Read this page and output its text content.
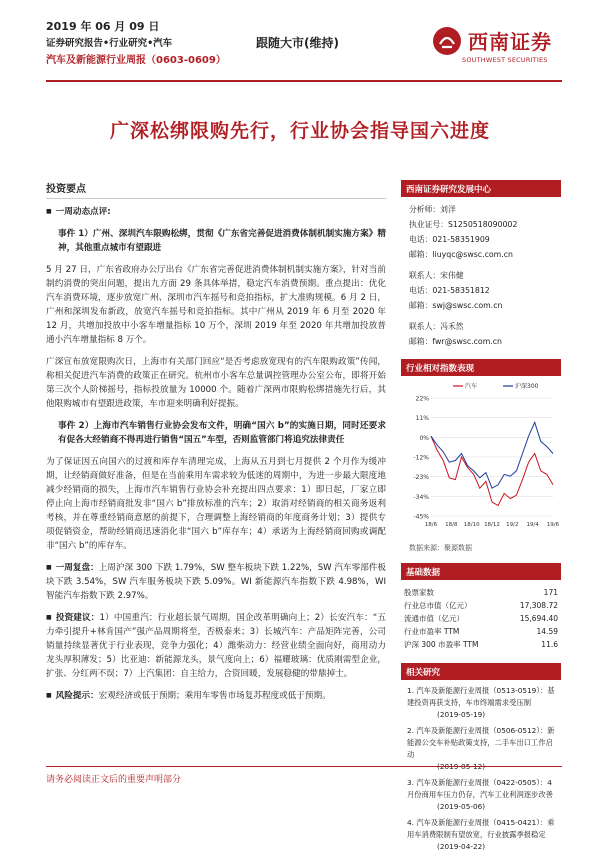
2019 年 06 月 09 日
证券研究报告•行业研究•汽车
汽车及新能源行业周报（0603-0609）
跟随大市(维持)	西南证券
SOUTHWEST SECURITIES
广深松绑限购先行，行业协会指导国六进度
投资要点

■ 一周动态点评:

事件 1）广州、深圳汽车限购松绑，贯彻《广东省完善促进消费体制机制实施方案》精神，其他重点城市有望跟进

5 月 27 日，广东省政府办公厅出台《广东省完善促进消费体制机制实施方案》，针对当前制约消费的突出问题，提出九方面 29 条具体举措，稳定汽车消费预期。重点提出：优化汽车消费环境，逐步放宽广州、深圳市汽车摇号和竞拍指标，扩大准购规模。6 月 2 日，广州和深圳发布新政，放宽汽车摇号和竞拍指标。其中广州从 2019 年 6 月至 2020 年 12 月，共增加投放中小客车增量指标 10 万个，深圳 2019 年至 2020 年共增加投放普通小汽车增量指标 8 万个。

广深宣布放宽限购次日，上海市有关部门回应“是否考虑放宽现有的汽车限购政策”传闻，称相关促进汽车消费的政策正在研究。杭州市小客车总量调控管理办公室公布，即将开始第三次个人阶梯摇号，指标投放量为 10000 个。随着广深两市限购松绑措施先行后，其他限购城市有望跟进政策，车市迎来明确利好提振。

事件 2）上海市汽车销售行业协会发布文件，明确“国六 b”的实施日期，同时还要求有促各大经销商不得再进行销售“国五”车型，否则监管部门将追究法律责任

为了保证因五向国六的过渡和库存车清理完成，上海从五月到七月提供 2 个月作为缓冲期，让经销商做好准备，但是在当前乘用车需求较为低迷的周期中，为进一步最大限度地减少经销商的损失，上海市汽车销售行业协会补充提出四点要求：1）即日起，厂家立即停止向上海市经销商批发非“国六 b”排放标准的汽车；2）取消对经销商的相关商务返利考核，并在尊重经销商意愿的前提下，合理调整上海经销商的年度商务计划；3）提供专项促销资金，帮助经销商迅速消化非“国六 b”库存车；4）承诺为上海经销商回购或调配非“国六 b”的库存车。

■ 一周复盘：上周沪深 300 下跌 1.79%，SW 整车板块下跌 1.22%，SW 汽车零部件板块下跌 3.54%，SW 汽车服务板块下跌 5.09%。WI 新能源汽车指数下跌 4.98%，WI 智能汽车指数下跌 2.97%。

■ 投资建议：1）中国重汽：行业超长景气周期，国企改革明确向上；2）长安汽车：“五力牵引提升+林肯国产”强产品周期将至，否极泰来；3）长城汽车：产品矩阵完善，公司销量持续显著优于行业表现，竞争力强化；4）潍柴动力：经营业绩全面向好，商用动力龙头厚积薄发；5）比亚迪：新能源龙头，景气度向上；6）福耀玻璃：优质刚需型企业，扩张、分红两不误；7）上汽集团：自主给力，合资回暖，发展稳健的带鼎掉士。

■ 风险提示：宏观经济或低于预期；乘用车零售市场复苏程度或低于预期。

西南证券研究发展中心
分析师：刘洋
执业证号：S1250518090002
电话：021-58351909
邮箱：liuyqc@swsc.com.cn
联系人：宋伟健
电话：021-58351812
邮箱：swj@swsc.com.cn
联系人：冯禾然
邮箱：fwr@swsc.com.cn
行业相对指数表现
22%
11%
0%
-12%
-23%
-34%
-45%
18/6 18/8 18/10 18/12 19/2 19/4 19/6
汽车	沪深300
数据来源：聚源数据
基础数据
股票家数	171
行业总市值（亿元）	17,308.72
流通市值（亿元）	15,694.40
行业市盈率 TTM	14.59
沪深 300 市盈率 TTM	11.6
相关研究
1. 汽车及新能源行业周报（0513-0519）：基建投资再获支持，车市终端需求受压制
(2019-05-19)
2. 汽车及新能源行业周报（0506-0512）：新能源公交车补贴政策支持，二手车出口工作启动
3. 汽车及新能源行业周报（0422-0505）：4 月份商用车压力仍存，汽车工业利润逐步改善
(2019-05-06)
4. 汽车及新能源行业周报（0415-0421）：乘用车消费限制有望放宽，行业披露季报稳定
(2019-04-22)
请务必阅读正文后的重要声明部分
